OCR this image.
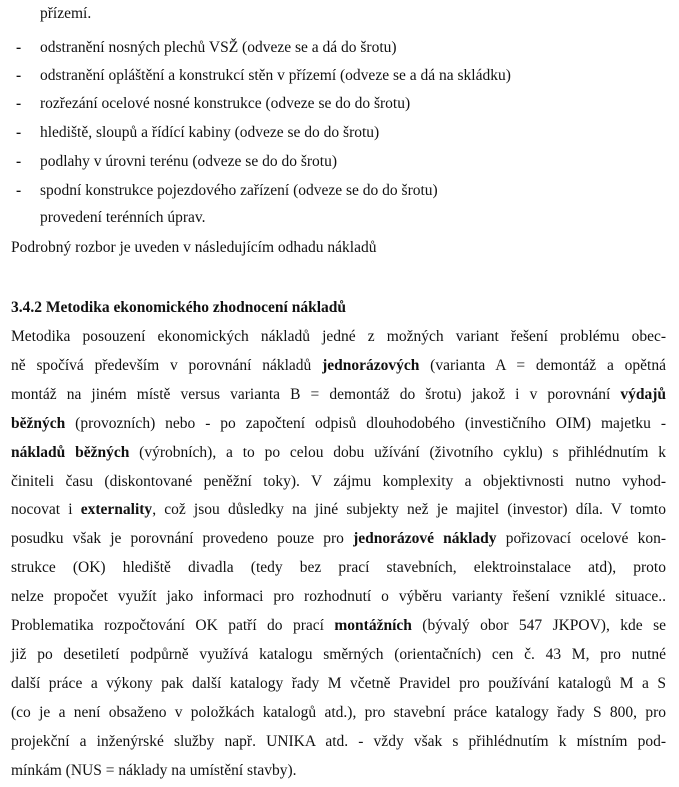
přízemí.
-	odstranění nosných plechů VSŽ (odveze se a dá do šrotu)
-	odstranění opláštění a konstrukcí stěn v přízemí (odveze se a dá na skládku)
-	rozřezání ocelové nosné konstrukce (odveze se do do šrotu)
-	hlediště, sloupů a řídící kabiny (odveze se do do šrotu)
-	podlahy v úrovni terénu (odveze se do do šrotu)
-	spodní konstrukce pojezdového zařízení (odveze se do do šrotu)
provedení terénních úprav.
Podrobný rozbor je uveden v následujícím odhadu nákladů
3.4.2 Metodika ekonomického zhodnocení nákladů
Metodika posouzení ekonomických nákladů jedné z možných variant řešení problému obec-
ně spočívá především v porovnání nákladů jednorázových (varianta A = demontáž a opětná
montáž na jiném místě versus varianta B = demontáž do šrotu) jakož i v porovnání výdajů
běžných (provozních) nebo - po započtení odpisů dlouhodobého (investičního OIM) majetku -
nákladů běžných (výrobních), a to po celou dobu užívání (životního cyklu) s přihlédnutím k
činiteli času (diskontované peněžní toky). V zájmu komplexity a objektivnosti nutno vyhod-
nocovat i externality, což jsou důsledky na jiné subjekty než je majitel (investor) díla. V tomto
posudku však je porovnání provedeno pouze pro jednorázové náklady pořizovací ocelové kon-
strukce (OK) hlediště divadla (tedy bez prací stavebních, elektroinstalace atd), proto
nelze propočet využít jako informaci pro rozhodnutí o výběru varianty řešení vzniklé situace..
Problematika rozpočtování OK patří do prací montážních (bývalý obor 547 JKPOV), kde se
již po desetiletí podpůrně využívá katalogu směrných (orientačních) cen č. 43 M, pro nutné
další práce a výkony pak další katalogy řady M včetně Pravidel pro používání katalogů M a S
(co je a není obsaženo v položkách katalogů atd.), pro stavební práce katalogy řady S 800, pro
projekční a inženýrské služby např. UNIKA atd. - vždy však s přihlédnutím k místním pod-
mínkám (NUS = náklady na umístění stavby).
